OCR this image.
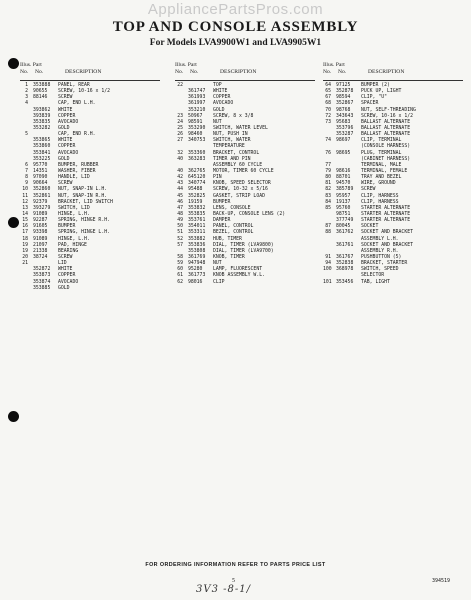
AppliancePartsPros.com
TOP AND CONSOLE ASSEMBLY
For Models LVA9900W1 and LVA9905W1
Illus. Part
No. No.	DESCRIPTION
1 353888 PANEL, REAR
2 90655 SCREW, 10-16 x 1/2
3 88146 SCREW
4	CAP, END L.H.
393862 WHITE
393839 COPPER
353835 AVOCADO
353282 GOLD
5	CAP, END R.H.
353865 WHITE
353860 COPPER
353841 AVOCADO
353225 GOLD
6 95770 BUMPER, RUBBER
7 14351 WASHER, FIBER
8 97090 HANDLE, LID
9 90664 SCREW
10 352860 NUT, SNAP-IN L.H.
11 352861 NUT, SNAP-IN R.H.
12 92379 BRACKET, LID SWITCH
13 393279 SWITCH, LID
14 91089 HINGE, L.H.
15 92287 SPRING, HINGE R.H.
16 91605 BUMPER
17 93398 SPRING, HINGE L.H.
18 91089 HINGE, L.H.
19 21097 PAD, HINGE
19 21338 BEARING
20 38724 SCREW
21	LID
352872 WHITE
353873 COPPER
353874 AVOCADO
353885 GOLD
Illus. Part
No. No.	DESCRIPTION
22	TOP
361747 WHITE
361993 COPPER
361997 AVOCADO
353210 GOLD
23 50967 SCREW, 8 x 3/8
24 98591 NUT
25 353290 SWITCH, WATER LEVEL
26 98460 NUT, PUSH IN
27 340753 SWITCH, WATER
TEMPERATURE
32 353360 BRACKET, CONTROL
40 363283 TIMER AND PIN
ASSEMBLY 60 CYCLE
40 362765 MOTOR, TIMER 60 CYCLE
42 645120 PIN
43 340774 KNOB, SPEED SELECTOR
44 95488 SCREW, 10-32 x 5/16
45 352825 GASKET, STRIP LOAD
46 19159 BUMPER
47 353832 LENS, CONSOLE
48 353835 BACK-UP, CONSOLE LENS (2)
49 353761 DAMPER
50 354011 PANEL, CONTROL
51 353311 BEZEL, CONTROL
52 353882 HUB, TIMER
57 353836 DIAL, TIMER (LVA9800)
353808 DIAL, TIMER (LVA9700)
58 361769 KNOB, TIMER
59 947948 NUT
60 95280 LAMP, FLUORESCENT
61 361773 KNOB ASSEMBLY W.L.
62 98016 CLIP
Illus. Part
No. No.	DESCRIPTION
64 97125 BUMPER (2)
65 352878 PUCK UP, LIGHT
67 98594 CLIP, "U"
68 352867 SPACER
70 98768 NUT, SELF-THREADING
72 343643 SCREW, 10-16 x 1/2
73 95683 BALLAST ALTERNATE
353796 BALLAST ALTERNATE
353287 BALLAST ALTERNATE
74 98697 CLIP, TERMINAL
(CONSOLE HARNESS)
76 98695 PLUG, TERMINAL
(CABINET HARNESS)
77	TERMINAL, MALE
79 98616 TERMINAL, FEMALE
80 88701 TRAY AND BEZEL
81 94570 WIRE, GROUND
82 385789 SCREW
83 95957 CLIP, HARNESS
84 19137 CLIP, HARNESS
85 95760 STARTER ALTERNATE
98751 STARTER ALTERNATE
377749 STARTER ALTERNATE
87 80045 SOCKET
88 361762 SOCKET AND BRACKET
ASSEMBLY L.H.
361761 SOCKET AND BRACKET
ASSEMBLY R.H.
91 361767 PUSHBUTTON (5)
94 352838 BRACKET, STARTER
100 368978 SWITCH, SPEED
SELECTOR
101 353456 TAB, LIGHT
FOR ORDERING INFORMATION REFER TO PARTS PRICE LIST
5	394519
3V3 -8-1/
